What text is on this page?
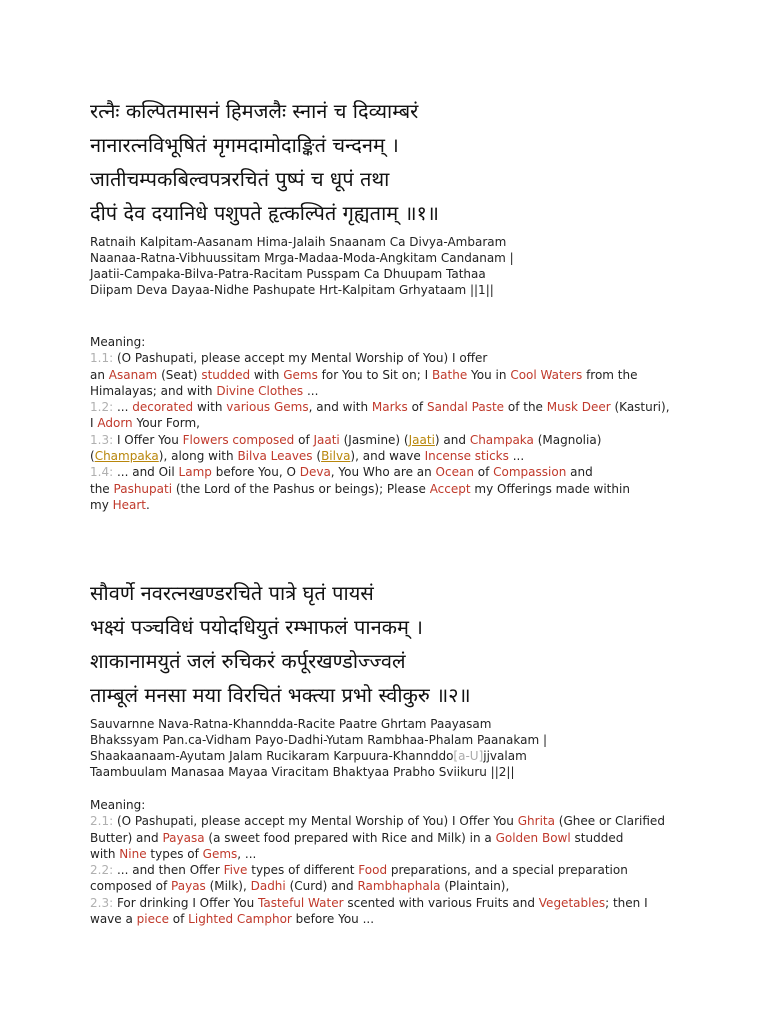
रत्नैः कल्पितमासनं हिमजलैः स्नानं च दिव्याम्बरं
नानारत्नविभूषितं मृगमदामोदाङ्कितं चन्दनम् ।
जातीचम्पकबिल्वपत्ररचितं पुष्पं च धूपं तथा
दीपं देव दयानिधे पशुपते हृत्कल्पितं गृह्यताम् ॥१॥
Ratnaih Kalpitam-Aasanam Hima-Jalaih Snaanam Ca Divya-Ambaram
Naanaa-Ratna-Vibhuussitam Mrga-Madaa-Moda-Angkitam Candanam |
Jaatii-Campaka-Bilva-Patra-Racitam Pusspam Ca Dhuupam Tathaa
Diipam Deva Dayaa-Nidhe Pashupate Hrt-Kalpitam Grhyataam ||1||
Meaning:
1.1: (O Pashupati, please accept my Mental Worship of You) I offer
an Asanam (Seat) studded with Gems for You to Sit on; I Bathe You in Cool Waters from the
Himalayas; and with Divine Clothes ...
1.2: ... decorated with various Gems, and with Marks of Sandal Paste of the Musk Deer (Kasturi),
I Adorn Your Form,
1.3: I Offer You Flowers composed of Jaati (Jasmine) (Jaati) and Champaka (Magnolia)
(Champaka), along with Bilva Leaves (Bilva), and wave Incense sticks ...
1.4: ... and Oil Lamp before You, O Deva, You Who are an Ocean of Compassion and
the Pashupati (the Lord of the Pashus or beings); Please Accept my Offerings made within
my Heart.
सौवर्णे नवरत्नखण्डरचिते पात्रे घृतं पायसं
भक्ष्यं पञ्चविधं पयोदधियुतं रम्भाफलं पानकम् ।
शाकानामयुतं जलं रुचिकरं कर्पूरखण्डोज्ज्वलं
ताम्बूलं मनसा मया विरचितं भक्त्या प्रभो स्वीकुरु ॥२॥
Sauvarnne Nava-Ratna-Khanndda-Racite Paatre Ghrtam Paayasam
Bhakssyam Pan.ca-Vidham Payo-Dadhi-Yutam Rambhaa-Phalam Paanakam |
Shaakaanaam-Ayutam Jalam Rucikaram Karpuura-Khannddo[a-U]jjvalam
Taambuulam Manasaa Mayaa Viracitam Bhaktyaa Prabho Sviikuru ||2||
Meaning:
2.1: (O Pashupati, please accept my Mental Worship of You) I Offer You Ghrita (Ghee or Clarified
Butter) and Payasa (a sweet food prepared with Rice and Milk) in a Golden Bowl studded
with Nine types of Gems, ...
2.2: ... and then Offer Five types of different Food preparations, and a special preparation
composed of Payas (Milk), Dadhi (Curd) and Rambhaphala (Plaintain),
2.3: For drinking I Offer You Tasteful Water scented with various Fruits and Vegetables; then I
wave a piece of Lighted Camphor before You ...
